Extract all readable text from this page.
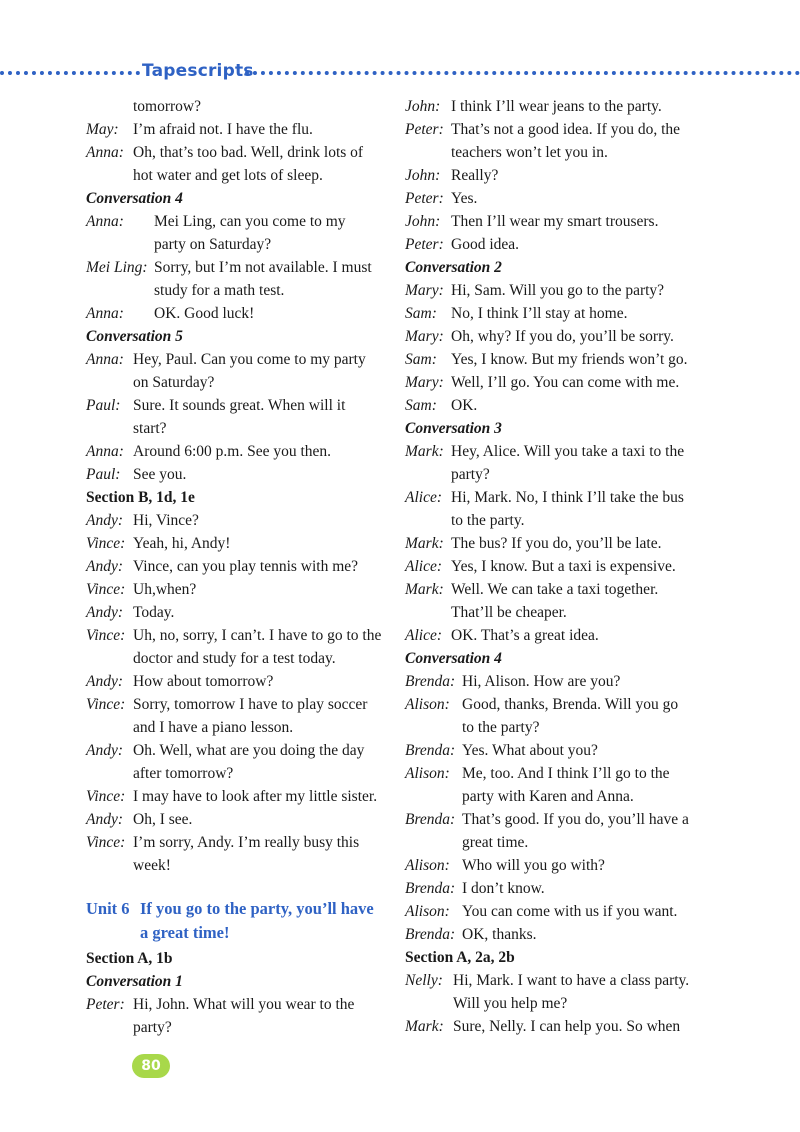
Tapescripts
tomorrow?
May: I’m afraid not. I have the flu.
Anna: Oh, that’s too bad. Well, drink lots of
hot water and get lots of sleep.
Conversation 4
Anna:	Mei Ling, can you come to my
party on Saturday?
Mei Ling: Sorry, but I’m not available. I must
study for a math test.
Anna:	OK. Good luck!
Conversation 5
Anna: Hey, Paul. Can you come to my party
on Saturday?
Paul: Sure. It sounds great. When will it
start?
Anna: Around 6:00 p.m. See you then.
Paul: See you.
Section B, 1d, 1e
Andy: Hi, Vince?
Vince: Yeah, hi, Andy!
Andy: Vince, can you play tennis with me?
Vince: Uh,when?
Andy: Today.
Vince: Uh, no, sorry, I can’t. I have to go to the
doctor and study for a test today.
Andy: How about tomorrow?
Vince: Sorry, tomorrow I have to play soccer
and I have a piano lesson.
Andy: Oh. Well, what are you doing the day
after tomorrow?
Vince: I may have to look after my little sister.
Andy: Oh, I see.
Vince: I’m sorry, Andy. I’m really busy this
week!
Unit 6 If you go to the party, you’ll have
a great time!
Section A, 1b
Conversation 1
Peter: Hi, John. What will you wear to the
party?
John: I think I’ll wear jeans to the party.
Peter: That’s not a good idea. If you do, the
teachers won’t let you in.
John: Really?
Peter: Yes.
John: Then I’ll wear my smart trousers.
Peter: Good idea.
Conversation 2
Mary: Hi, Sam. Will you go to the party?
Sam: No, I think I’ll stay at home.
Mary: Oh, why? If you do, you’ll be sorry.
Sam: Yes, I know. But my friends won’t go.
Mary: Well, I’ll go. You can come with me.
Sam: OK.
Conversation 3
Mark: Hey, Alice. Will you take a taxi to the
party?
Alice: Hi, Mark. No, I think I’ll take the bus
to the party.
Mark: The bus? If you do, you’ll be late.
Alice: Yes, I know. But a taxi is expensive.
Mark: Well. We can take a taxi together.
That’ll be cheaper.
Alice: OK. That’s a great idea.
Conversation 4
Brenda: Hi, Alison. How are you?
Alison: Good, thanks, Brenda. Will you go
to the party?
Brenda: Yes. What about you?
Alison: Me, too. And I think I’ll go to the
party with Karen and Anna.
Brenda: That’s good. If you do, you’ll have a
great time.
Alison: Who will you go with?
Brenda: I don’t know.
Alison: You can come with us if you want.
Brenda: OK, thanks.
Section A, 2a, 2b
Nelly: Hi, Mark. I want to have a class party.
Will you help me?
Mark: Sure, Nelly. I can help you. So when
80
